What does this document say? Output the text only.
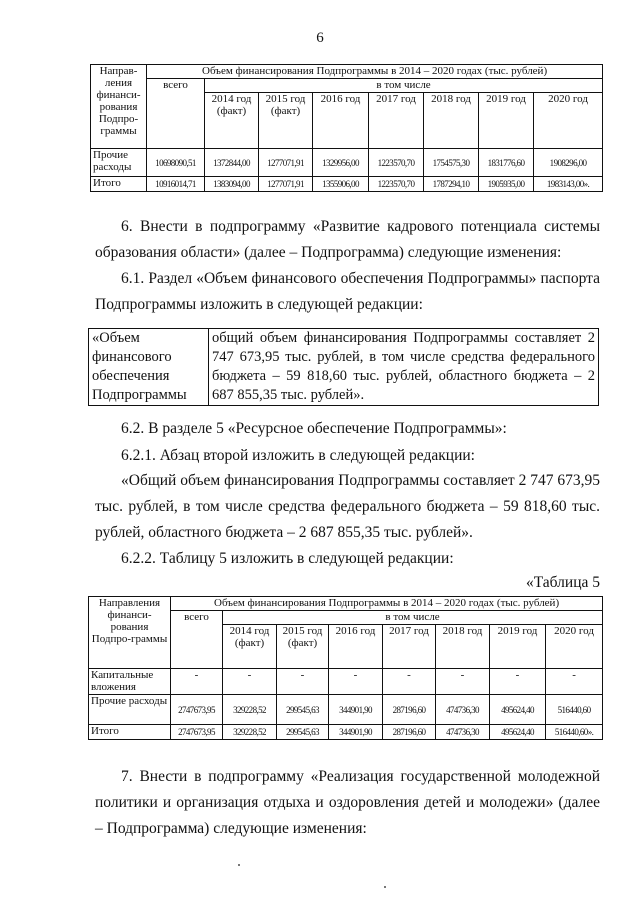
6
Направ-ления финанси-рования Подпро-граммы	Объем финансирования Подпрограммы в 2014 – 2020 годах (тыс. рублей)							
	всего	в том числе						
		2014 год (факт)	2015 год (факт)	2016 год	2017 год	2018 год	2019 год	2020 год
Прочие расходы	10698090,51	1372844,00	1277071,91	1329956,00	1223570,70	1754575,30	1831776,60	1908296,00
Итого	10916014,71	1383094,00	1277071,91	1355906,00	1223570,70	1787294,10	1905935,00	1983143,00».
6. Внести в подпрограмму «Развитие кадрового потенциала системы образования области» (далее – Подпрограмма) следующие изменения:
6.1. Раздел «Объем финансового обеспечения Подпрограммы» паспорта Подпрограммы изложить в следующей редакции:
«Объем финансового обеспечения Подпрограммы	общий объем финансирования Подпрограммы составляет 2 747 673,95 тыс. рублей, в том числе средства федерального бюджета – 59 818,60 тыс. рублей, областного бюджета – 2 687 855,35 тыс. рублей».
6.2. В разделе 5 «Ресурсное обеспечение Подпрограммы»:
6.2.1. Абзац второй изложить в следующей редакции:
«Общий объем финансирования Подпрограммы составляет 2 747 673,95 тыс. рублей, в том числе средства федерального бюджета – 59 818,60 тыс. рублей, областного бюджета – 2 687 855,35 тыс. рублей».
6.2.2. Таблицу 5 изложить в следующей редакции:
«Таблица 5
Направления финанси-рования Подпро-граммы	Объем финансирования Подпрограммы в 2014 – 2020 годах (тыс. рублей)							
	всего	в том числе						
		2014 год (факт)	2015 год (факт)	2016 год	2017 год	2018 год	2019 год	2020 год
Капитальные вложения	-	-	-	-	-	-	-	-
Прочие расходы	2747673,95	329228,52	299545,63	344901,90	287196,60	474736,30	495624,40	516440,60
Итого	2747673,95	329228,52	299545,63	344901,90	287196,60	474736,30	495624,40	516440,60».
7. Внести в подпрограмму «Реализация государственной молодежной политики и организация отдыха и оздоровления детей и молодежи» (далее – Подпрограмма) следующие изменения:
